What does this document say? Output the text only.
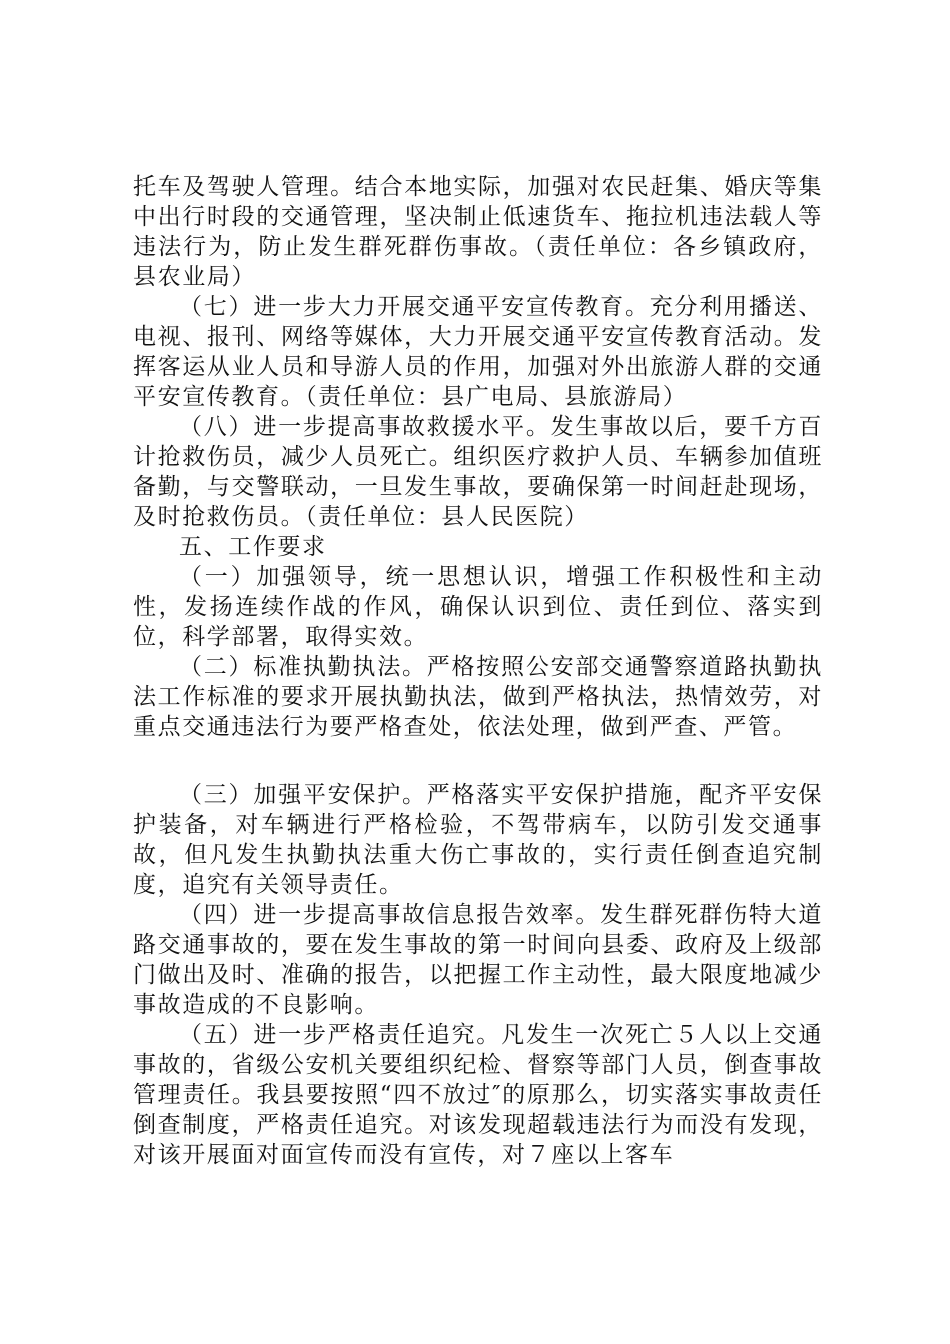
托车及驾驶人管理。结合本地实际，加强对农民赶集、婚庆等集中出行时段的交通管理，坚决制止低速货车、拖拉机违法载人等违法行为，防止发生群死群伤事故。（责任单位：各乡镇政府，县农业局）

（七）进一步大力开展交通平安宣传教育。充分利用播送、电视、报刊、网络等媒体，大力开展交通平安宣传教育活动。发挥客运从业人员和导游人员的作用，加强对外出旅游人群的交通平安宣传教育。（责任单位：县广电局、县旅游局）

（八）进一步提高事故救援水平。发生事故以后，要千方百计抢救伤员，减少人员死亡。组织医疗救护人员、车辆参加值班备勤，与交警联动，一旦发生事故，要确保第一时间赶赴现场，及时抢救伤员。（责任单位：县人民医院）

五、工作要求

（一）加强领导，统一思想认识，增强工作积极性和主动性，发扬连续作战的作风，确保认识到位、责任到位、落实到位，科学部署，取得实效。

（二）标准执勤执法。严格按照公安部交通警察道路执勤执法工作标准的要求开展执勤执法，做到严格执法，热情效劳，对重点交通违法行为要严格查处，依法处理，做到严查、严管。

（三）加强平安保护。严格落实平安保护措施，配齐平安保护装备，对车辆进行严格检验，不驾带病车，以防引发交通事故，但凡发生执勤执法重大伤亡事故的，实行责任倒查追究制度，追究有关领导责任。

（四）进一步提高事故信息报告效率。发生群死群伤特大道路交通事故的，要在发生事故的第一时间向县委、政府及上级部门做出及时、准确的报告，以把握工作主动性，最大限度地减少事故造成的不良影响。

（五）进一步严格责任追究。凡发生一次死亡５人以上交通事故的，省级公安机关要组织纪检、督察等部门人员，倒查事故管理责任。我县要按照“四不放过″的原那么，切实落实事故责任倒查制度，严格责任追究。对该发现超载违法行为而没有发现，对该开展面对面宣传而没有宣传，对７座以上客车
